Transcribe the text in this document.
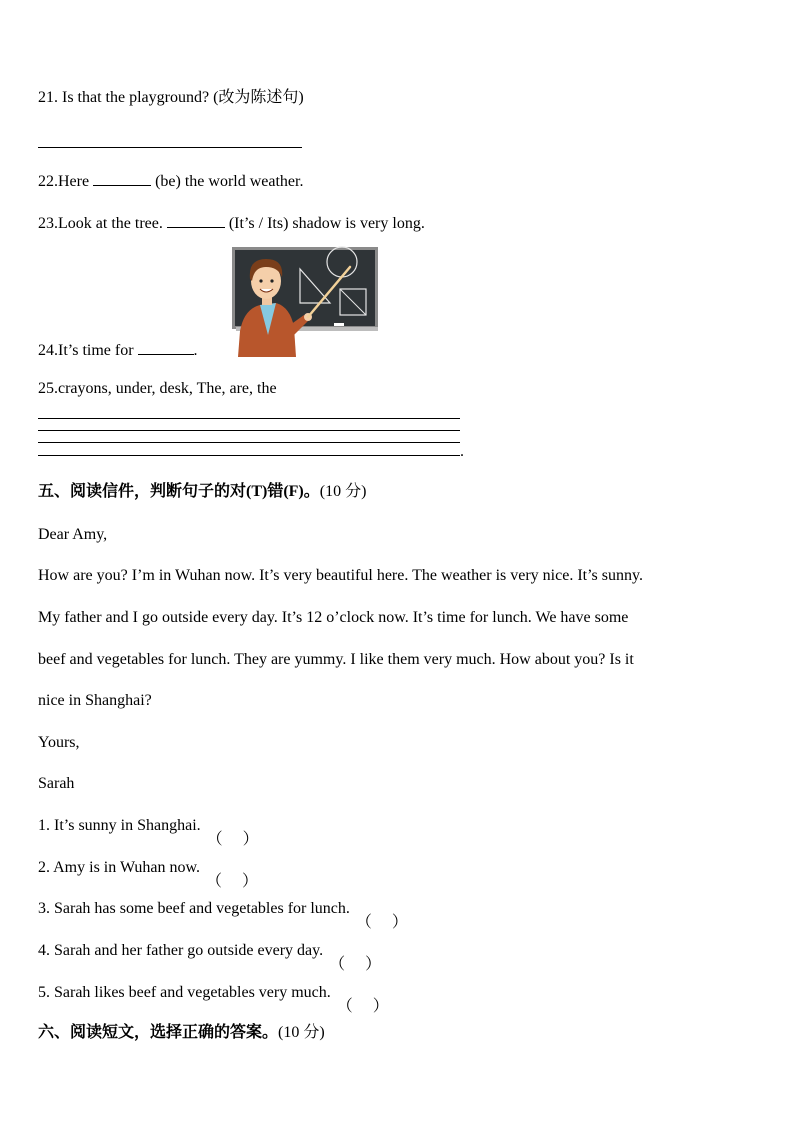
21. Is that the playground? (改为陈述句)
22.Here	(be) the world weather.
23.Look at the tree.	(It’s / Its) shadow is very long.
24.It’s time for	.
25.crayons, under, desk, The, are, the
.
五、阅读信件，判断句子的对(T)错(F)。(10 分)
Dear Amy,
How are you? I’m in Wuhan now. It’s very beautiful here. The weather is very nice. It’s sunny.
My father and I go outside every day. It’s 12 o’clock now. It’s time for lunch. We have some
beef and vegetables for lunch. They are yummy. I like them very much. How about you? Is it
nice in Shanghai?
Yours,
Sarah
1. It’s sunny in Shanghai.
（ ）
2. Amy is in Wuhan now.
（ ）
3. Sarah has some beef and vegetables for lunch.
（ ）
4. Sarah and her father go outside every day.
（ ）
5. Sarah likes beef and vegetables very much.
（ ）
六、阅读短文，选择正确的答案。(10 分)
